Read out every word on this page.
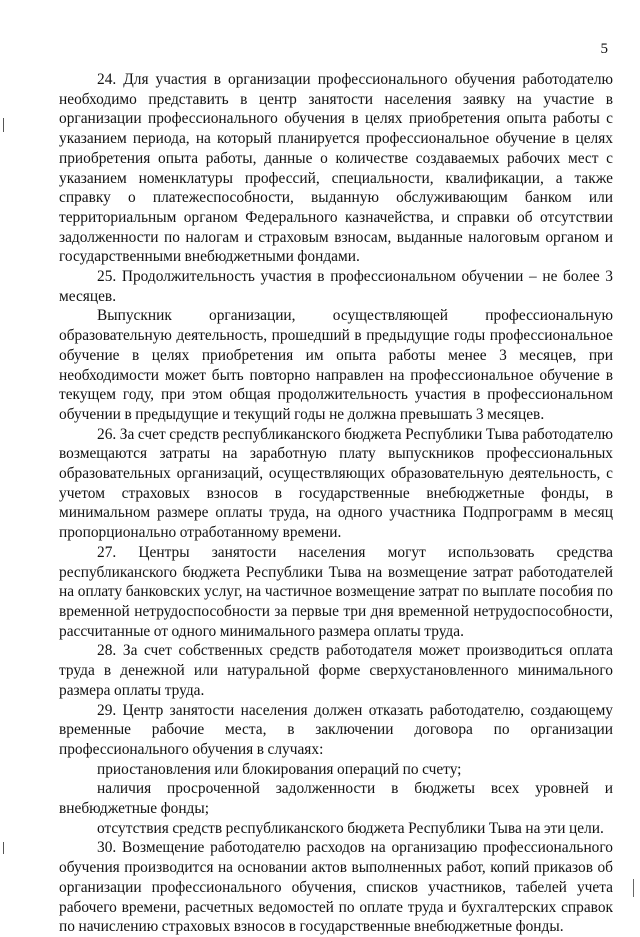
5

24. Для участия в организации профессионального обучения работодателю необходимо представить в центр занятости населения заявку на участие в организации профессионального обучения в целях приобретения опыта работы с указанием периода, на который планируется профессиональное обучение в целях приобретения опыта работы, данные о количестве создаваемых рабочих мест с указанием номенклатуры профессий, специальности, квалификации, а также справку о платежеспособности, выданную обслуживающим банком или территориальным органом Федерального казначейства, и справки об отсутствии задолженности по налогам и страховым взносам, выданные налоговым органом и государственными внебюджетными фондами.

25. Продолжительность участия в профессиональном обучении – не более 3 месяцев.

Выпускник организации, осуществляющей профессиональную образовательную деятельность, прошедший в предыдущие годы профессиональное обучение в целях приобретения им опыта работы менее 3 месяцев, при необходимости может быть повторно направлен на профессиональное обучение в текущем году, при этом общая продолжительность участия в профессиональном обучении в предыдущие и текущий годы не должна превышать 3 месяцев.

26. За счет средств республиканского бюджета Республики Тыва работодателю возмещаются затраты на заработную плату выпускников профессиональных образовательных организаций, осуществляющих образовательную деятельность, с учетом страховых взносов в государственные внебюджетные фонды, в минимальном размере оплаты труда, на одного участника Подпрограмм в месяц пропорционально отработанному времени.

27. Центры занятости населения могут использовать средства республиканского бюджета Республики Тыва на возмещение затрат работодателей на оплату банковских услуг, на частичное возмещение затрат по выплате пособия по временной нетрудоспособности за первые три дня временной нетрудоспособности, рассчитанные от одного минимального размера оплаты труда.

28. За счет собственных средств работодателя может производиться оплата труда в денежной или натуральной форме сверхустановленного минимального размера оплаты труда.

29. Центр занятости населения должен отказать работодателю, создающему временные рабочие места, в заключении договора по организации профессионального обучения в случаях:

приостановления или блокирования операций по счету;

наличия просроченной задолженности в бюджеты всех уровней и внебюджетные фонды;

отсутствия средств республиканского бюджета Республики Тыва на эти цели.

30. Возмещение работодателю расходов на организацию профессионального обучения производится на основании актов выполненных работ, копий приказов об организации профессионального обучения, списков участников, табелей учета рабочего времени, расчетных ведомостей по оплате труда и бухгалтерских справок по начислению страховых взносов в государственные внебюджетные фонды.
